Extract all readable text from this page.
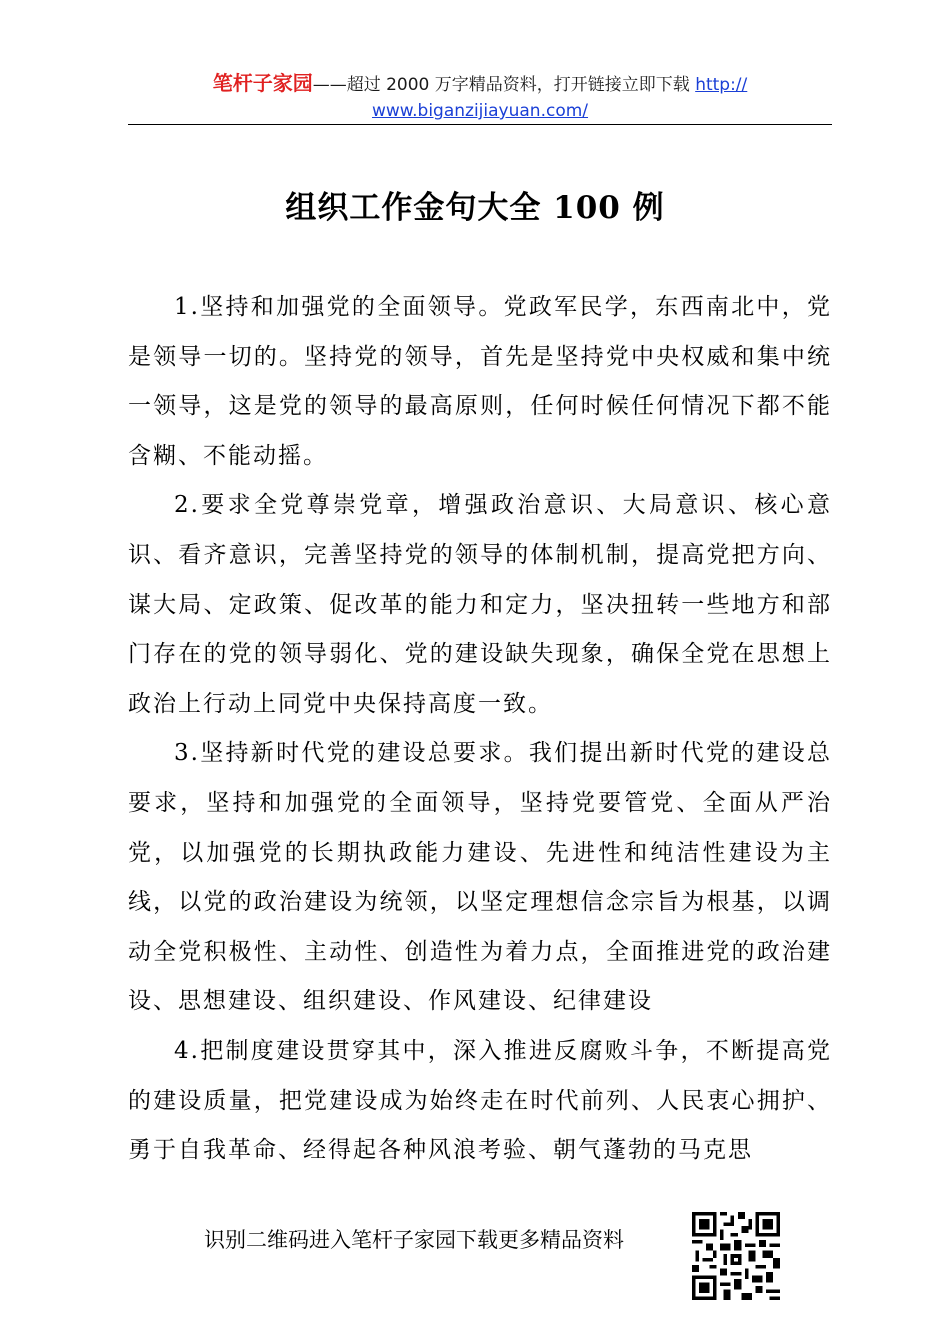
笔杆子家园——超过 2000 万字精品资料，打开链接立即下载 http://
www.biganzijiayuan.com/
组织工作金句大全 100 例

1.坚持和加强党的全面领导。党政军民学，东西南北中，党是领导一切的。坚持党的领导，首先是坚持党中央权威和集中统一领导，这是党的领导的最高原则，任何时候任何情况下都不能含糊、不能动摇。

2.要求全党尊崇党章，增强政治意识、大局意识、核心意识、看齐意识，完善坚持党的领导的体制机制，提高党把方向、谋大局、定政策、促改革的能力和定力，坚决扭转一些地方和部门存在的党的领导弱化、党的建设缺失现象，确保全党在思想上政治上行动上同党中央保持高度一致。

3.坚持新时代党的建设总要求。我们提出新时代党的建设总要求，坚持和加强党的全面领导，坚持党要管党、全面从严治党，以加强党的长期执政能力建设、先进性和纯洁性建设为主线，以党的政治建设为统领，以坚定理想信念宗旨为根基，以调动全党积极性、主动性、创造性为着力点，全面推进党的政治建设、思想建设、组织建设、作风建设、纪律建设

4.把制度建设贯穿其中，深入推进反腐败斗争，不断提高党的建设质量，把党建设成为始终走在时代前列、人民衷心拥护、勇于自我革命、经得起各种风浪考验、朝气蓬勃的马克思

识别二维码进入笔杆子家园下载更多精品资料
